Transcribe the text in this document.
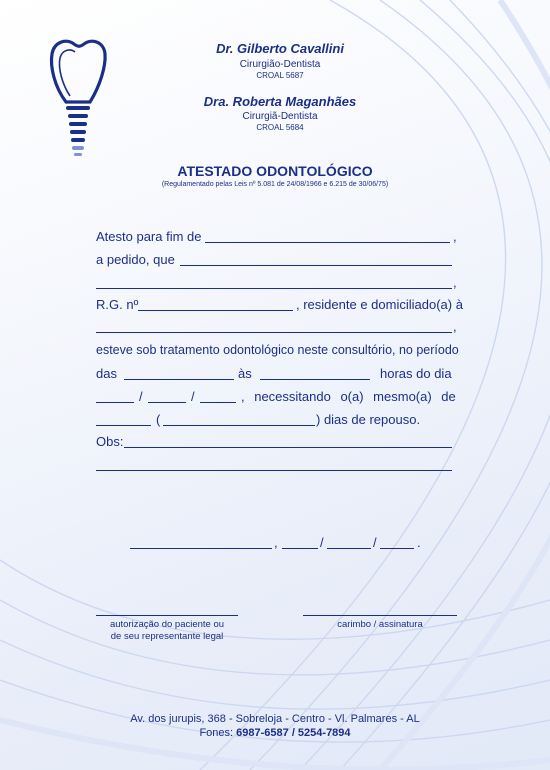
Dr. Gilberto Cavallini
Cirurgião-Dentista
CROAL 5687
Dra. Roberta Maganhães
Cirurgiã-Dentista
CROAL 5684
ATESTADO ODONTOLÓGICO
(Regulamentado pelas Leis nº 5.081 de 24/08/1966 e 6.215 de 30/06/75)
Atesto para fim de	,
a pedido, que
,
R.G. nº	, residente e domiciliado(a) à
,
esteve sob tratamento odontológico neste consultório, no período
das	às	horas do dia
/	/	, necessitando o(a) mesmo(a) de
(	) dias de repouso.
Obs:
,	/	/	.
autorização do paciente ou
de seu representante legal
carimbo / assinatura
Av. dos jurupis, 368 - Sobreloja - Centro - Vl. Palmares - AL
Fones: 6987-6587 / 5254-7894
